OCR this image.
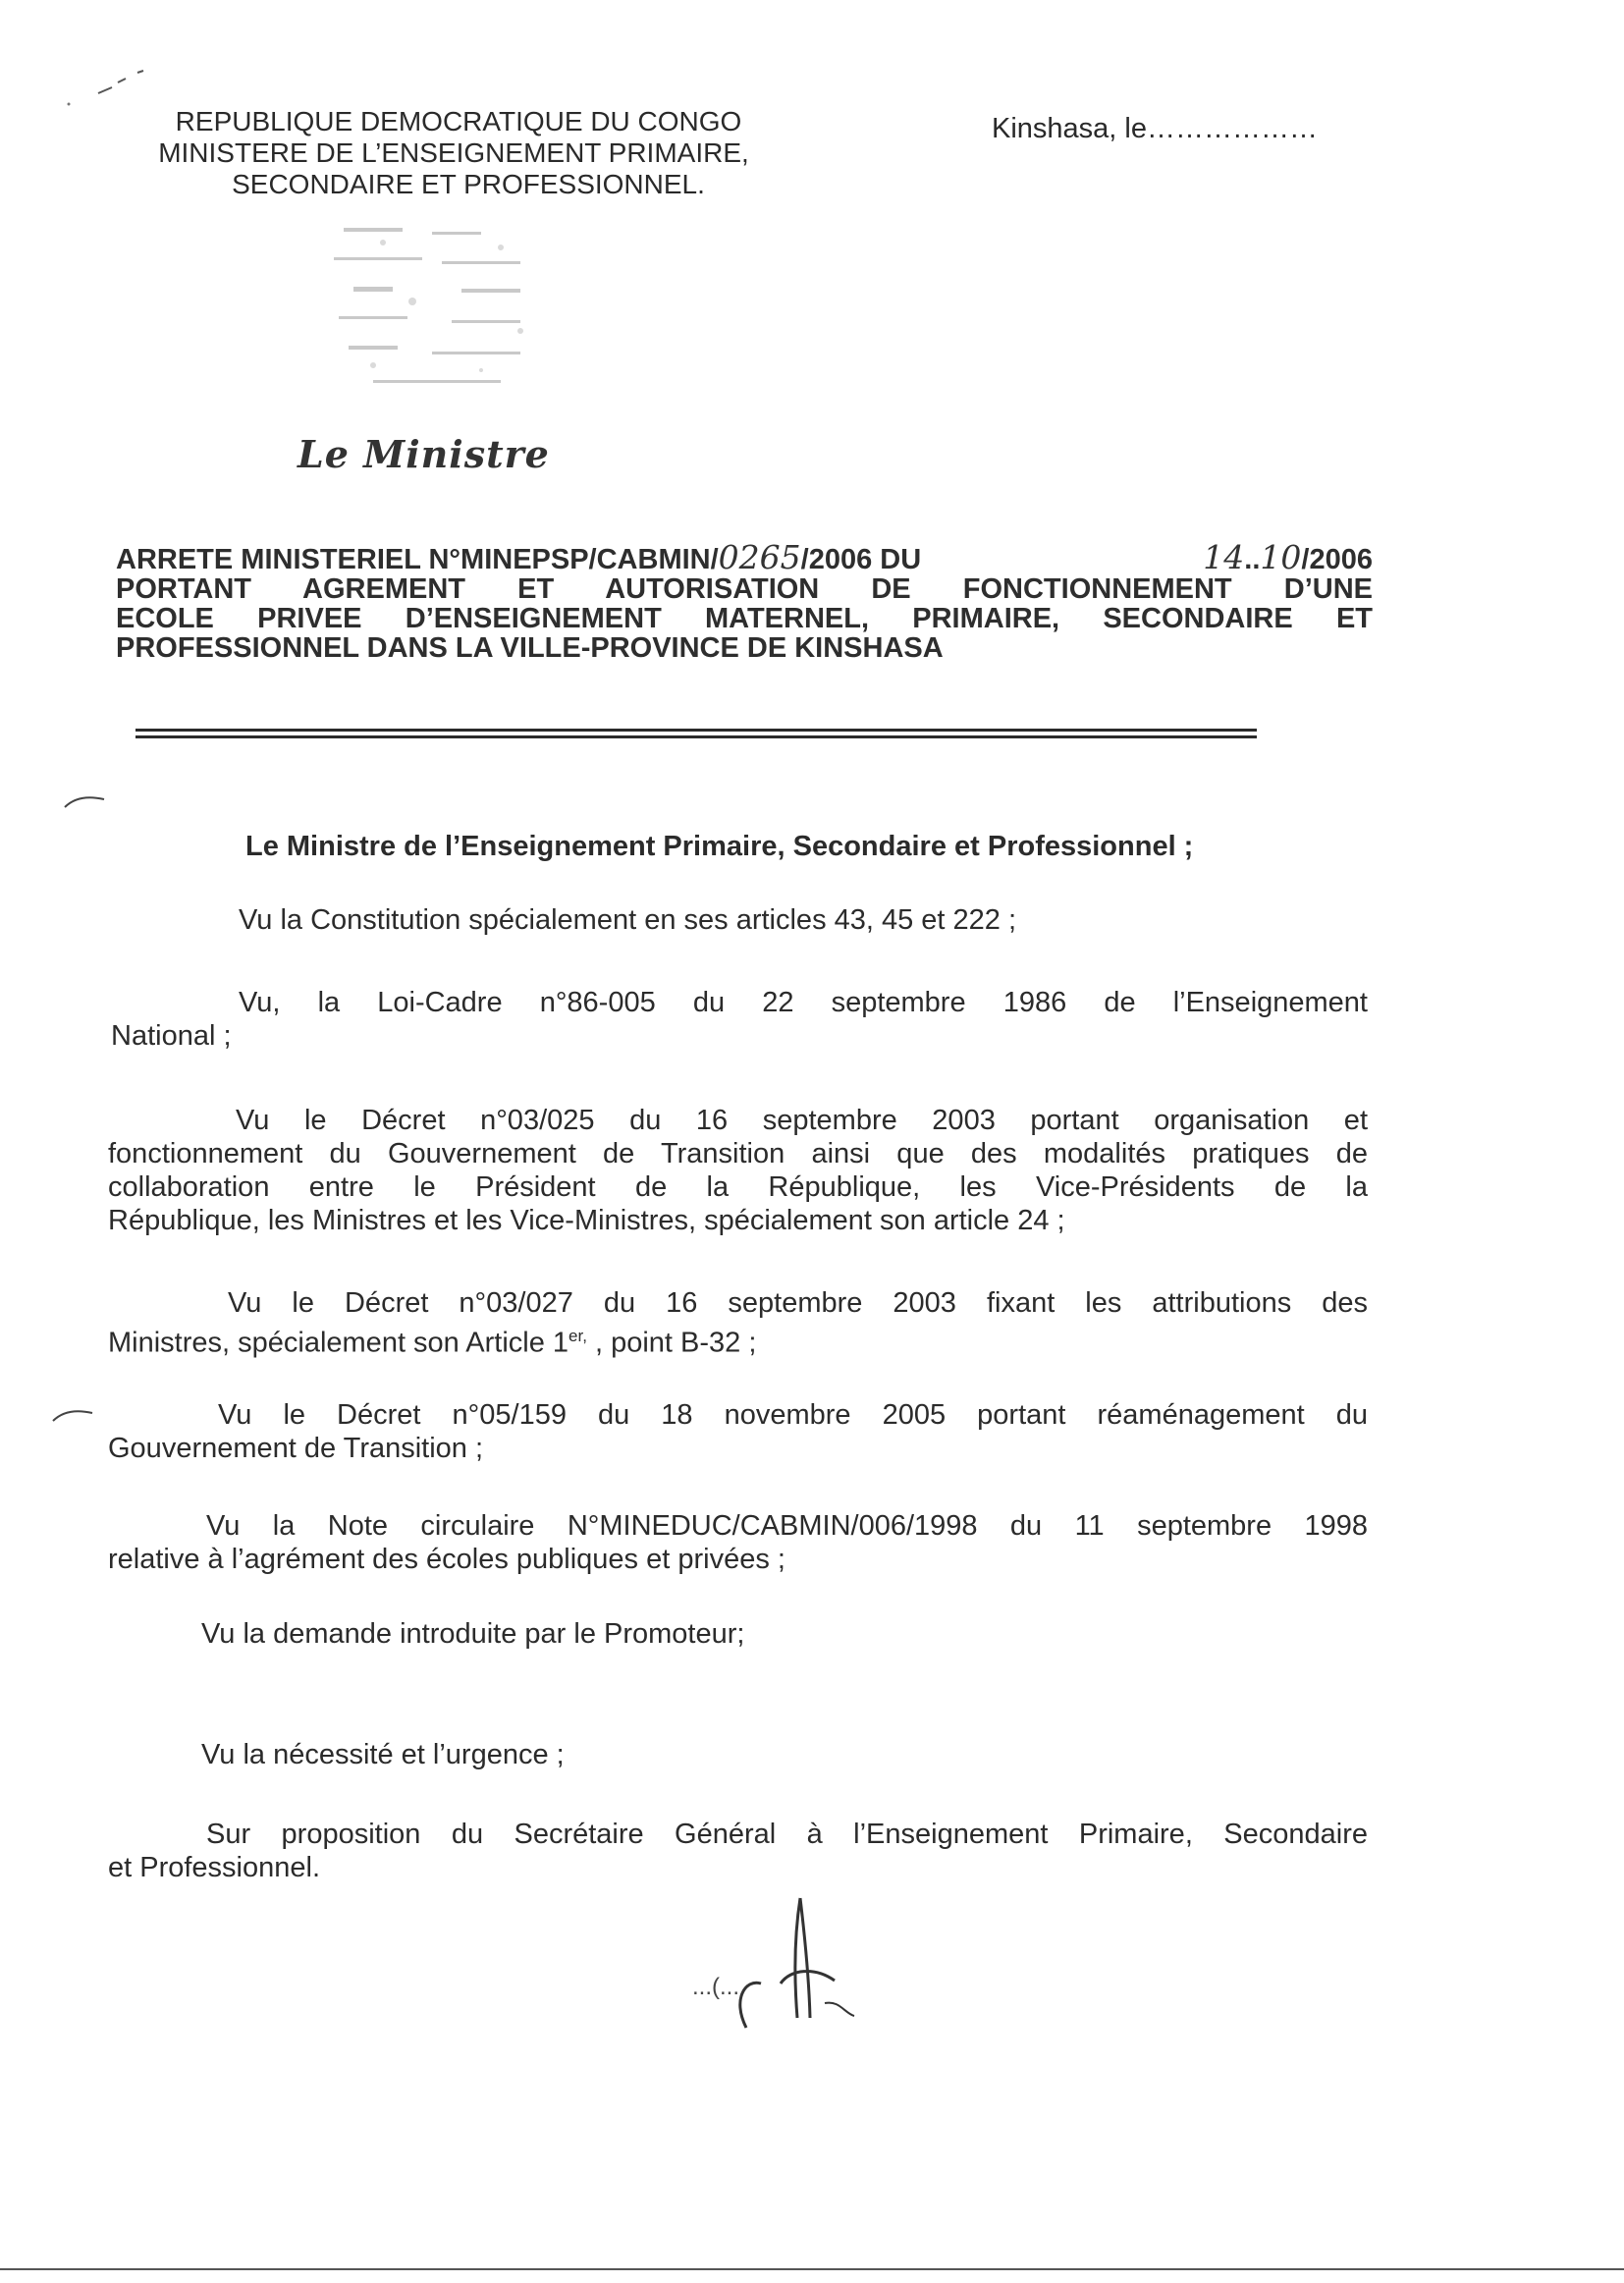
REPUBLIQUE DEMOCRATIQUE DU CONGO
MINISTERE DE L’ENSEIGNEMENT PRIMAIRE,
SECONDAIRE ET PROFESSIONNEL.
Kinshasa, le………………
Le Ministre
ARRETE MINISTERIEL N°MINEPSP/CABMIN/0265/2006 DU	14..10/2006
PORTANT AGREMENT ET AUTORISATION DE FONCTIONNEMENT D’UNE
ECOLE PRIVEE D’ENSEIGNEMENT MATERNEL, PRIMAIRE, SECONDAIRE ET
PROFESSIONNEL DANS LA VILLE-PROVINCE DE KINSHASA
Le Ministre de l’Enseignement Primaire, Secondaire et Professionnel ;
Vu la Constitution spécialement en ses articles 43, 45 et 222 ;
Vu, la Loi-Cadre n°86-005 du 22 septembre 1986 de l’Enseignement
National ;
Vu le Décret n°03/025 du 16 septembre 2003 portant organisation et
fonctionnement du Gouvernement de Transition ainsi que des modalités pratiques de
collaboration entre le Président de la République, les Vice-Présidents de la
République, les Ministres et les Vice-Ministres, spécialement son article 24 ;
Vu le Décret n°03/027 du 16 septembre 2003 fixant les attributions des
Ministres, spécialement son Article $1^{er,}$ , point B-32 ;
Vu le Décret n°05/159 du 18 novembre 2005 portant réaménagement du
Gouvernement de Transition ;
Vu la Note circulaire N°MINEDUC/CABMIN/006/1998 du 11 septembre 1998
relative à l’agrément des écoles publiques et privées ;
Vu la demande introduite par le Promoteur;
Vu la nécessité et l’urgence ;
Sur proposition du Secrétaire Général à l’Enseignement Primaire, Secondaire
et Professionnel.
...(...
